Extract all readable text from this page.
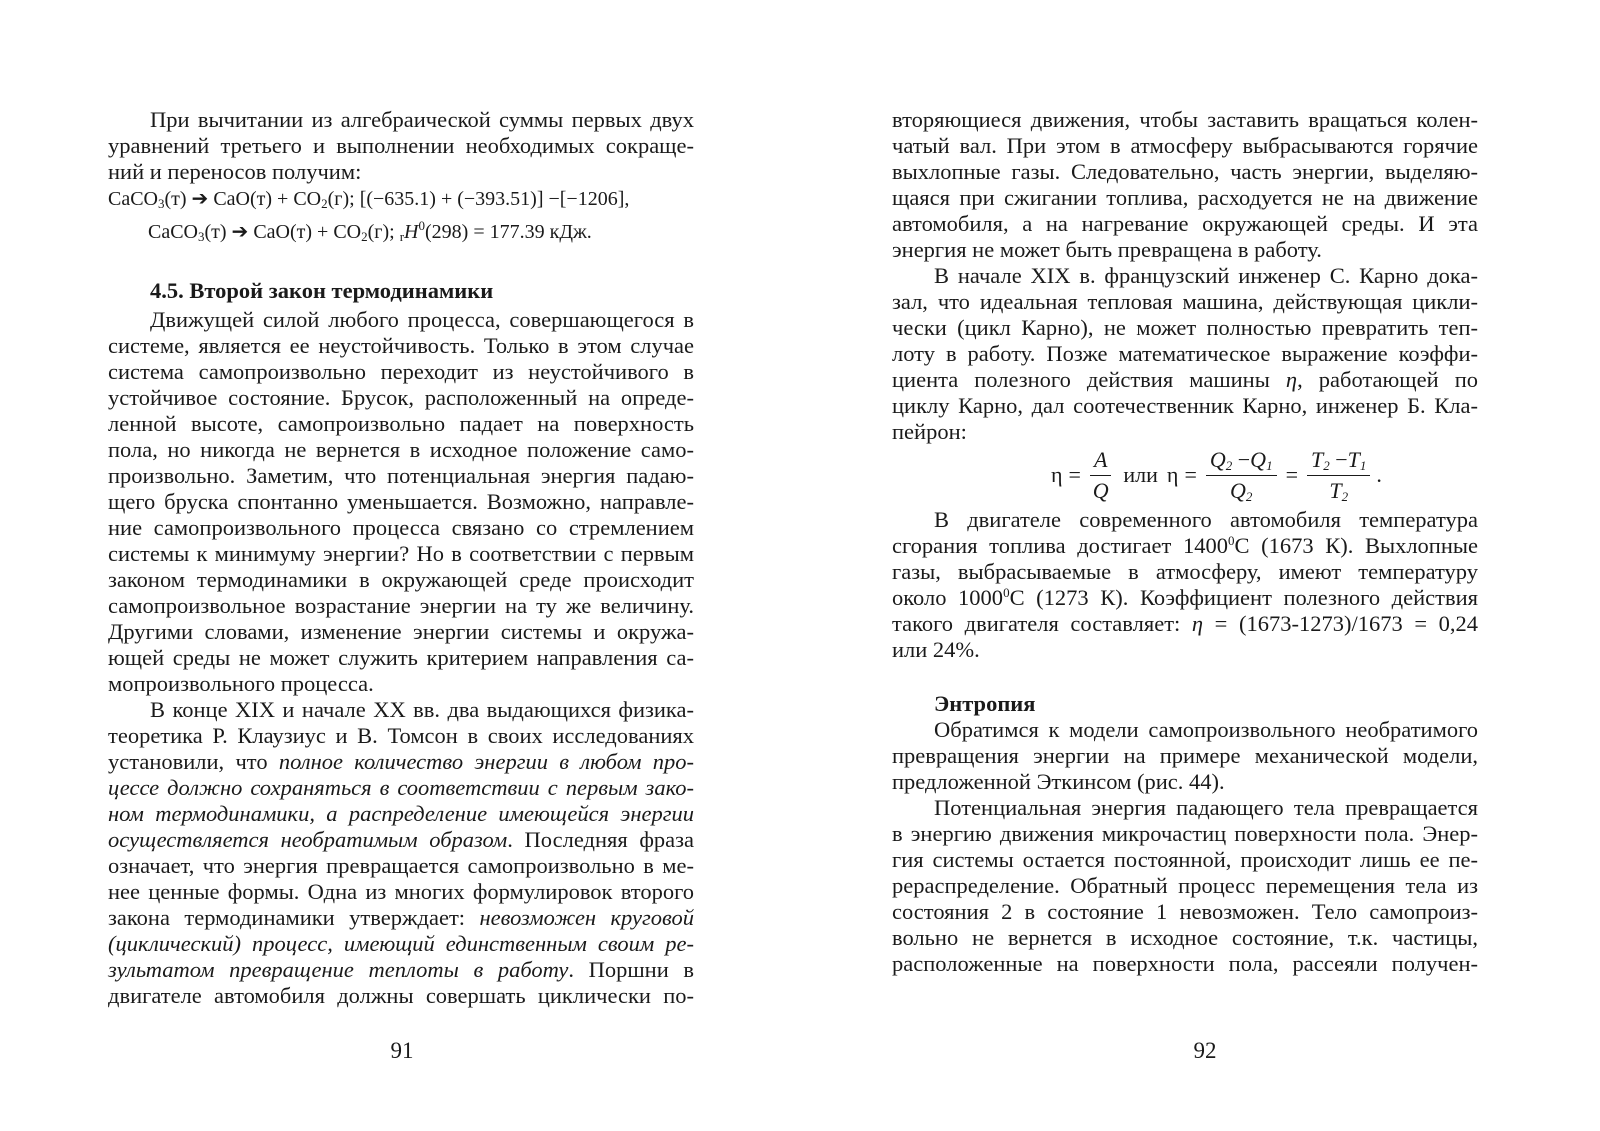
При вычитании из алгебраической суммы первых двух
уравнений третьего и выполнении необходимых сокраще-
ний и переносов получим:
CaCO$_3$(т) ➔ $CaO(т) + CO_2(г)$; [(−635.1) + (−393.51)] −[−1206],
CaCO$_3$(т) ➔ $CaO(т) + CO_2(г)$; $_rH^0(298) = 177.39$ кДж.
4.5. Второй закон термодинамики
Движущей силой любого процесса, совершающегося в
системе, является ее неустойчивость. Только в этом случае
система самопроизвольно переходит из неустойчивого в
устойчивое состояние. Брусок, расположенный на опреде-
ленной высоте, самопроизвольно падает на поверхность
пола, но никогда не вернется в исходное положение само-
произвольно. Заметим, что потенциальная энергия падаю-
щего бруска спонтанно уменьшается. Возможно, направле-
ние самопроизвольного процесса связано со стремлением
системы к минимуму энергии? Но в соответствии с первым
законом термодинамики в окружающей среде происходит
самопроизвольное возрастание энергии на ту же величину.
Другими словами, изменение энергии системы и окружа-
ющей среды не может служить критерием направления са-
мопроизвольного процесса.
В конце XIX и начале XX вв. два выдающихся физика-
теоретика Р. Клаузиус и В. Томсон в своих исследованиях
установили, что полное количество энергии в любом про-
цессе должно сохраняться в соответствии с первым зако-
ном термодинамики, а распределение имеющейся энергии
осуществляется необратимым образом. Последняя фраза
означает, что энергия превращается самопроизвольно в ме-
нее ценные формы. Одна из многих формулировок второго
закона термодинамики утверждает: невозможен круговой
(циклический) процесс, имеющий единственным своим ре-
зультатом превращение теплоты в работу. Поршни в
двигателе автомобиля должны совершать циклически по-
91
вторяющиеся движения, чтобы заставить вращаться колен-
чатый вал. При этом в атмосферу выбрасываются горячие
выхлопные газы. Следовательно, часть энергии, выделяю-
щаяся при сжигании топлива, расходуется не на движение
автомобиля, а на нагревание окружающей среды. И эта
энергия не может быть превращена в работу.
В начале XIX в. французский инженер С. Карно дока-
зал, что идеальная тепловая машина, действующая цикли-
чески (цикл Карно), не может полностью превратить теп-
лоту в работу. Позже математическое выражение коэффи-
циента полезного действия машины η, работающей по
циклу Карно, дал соотечественник Карно, инженер Б. Кла-
пейрон:
В двигателе современного автомобиля температура
сгорания топлива достигает 1400$^0$С (1673 К). Выхлопные
газы, выбрасываемые в атмосферу, имеют температуру
около 1000$^0$С (1273 К). Коэффициент полезного действия
такого двигателя составляет: η = (1673-1273)/1673 = 0,24
или 24%.
Энтропия
Обратимся к модели самопроизвольного необратимого
превращения энергии на примере механической модели,
предложенной Эткинсом (рис. 44).
Потенциальная энергия падающего тела превращается
в энергию движения микрочастиц поверхности пола. Энер-
гия системы остается постоянной, происходит лишь ее пе-
рераспределение. Обратный процесс перемещения тела из
состояния 2 в состояние 1 невозможен. Тело самопроиз-
вольно не вернется в исходное состояние, т.к. частицы,
расположенные на поверхности пола, рассеяли получен-
92
$\eta = \frac{A}{Q}$ или $\eta = \frac{Q_2 -Q_1}{Q_2} = \frac{T_2 -T_1}{T_2}$ .
